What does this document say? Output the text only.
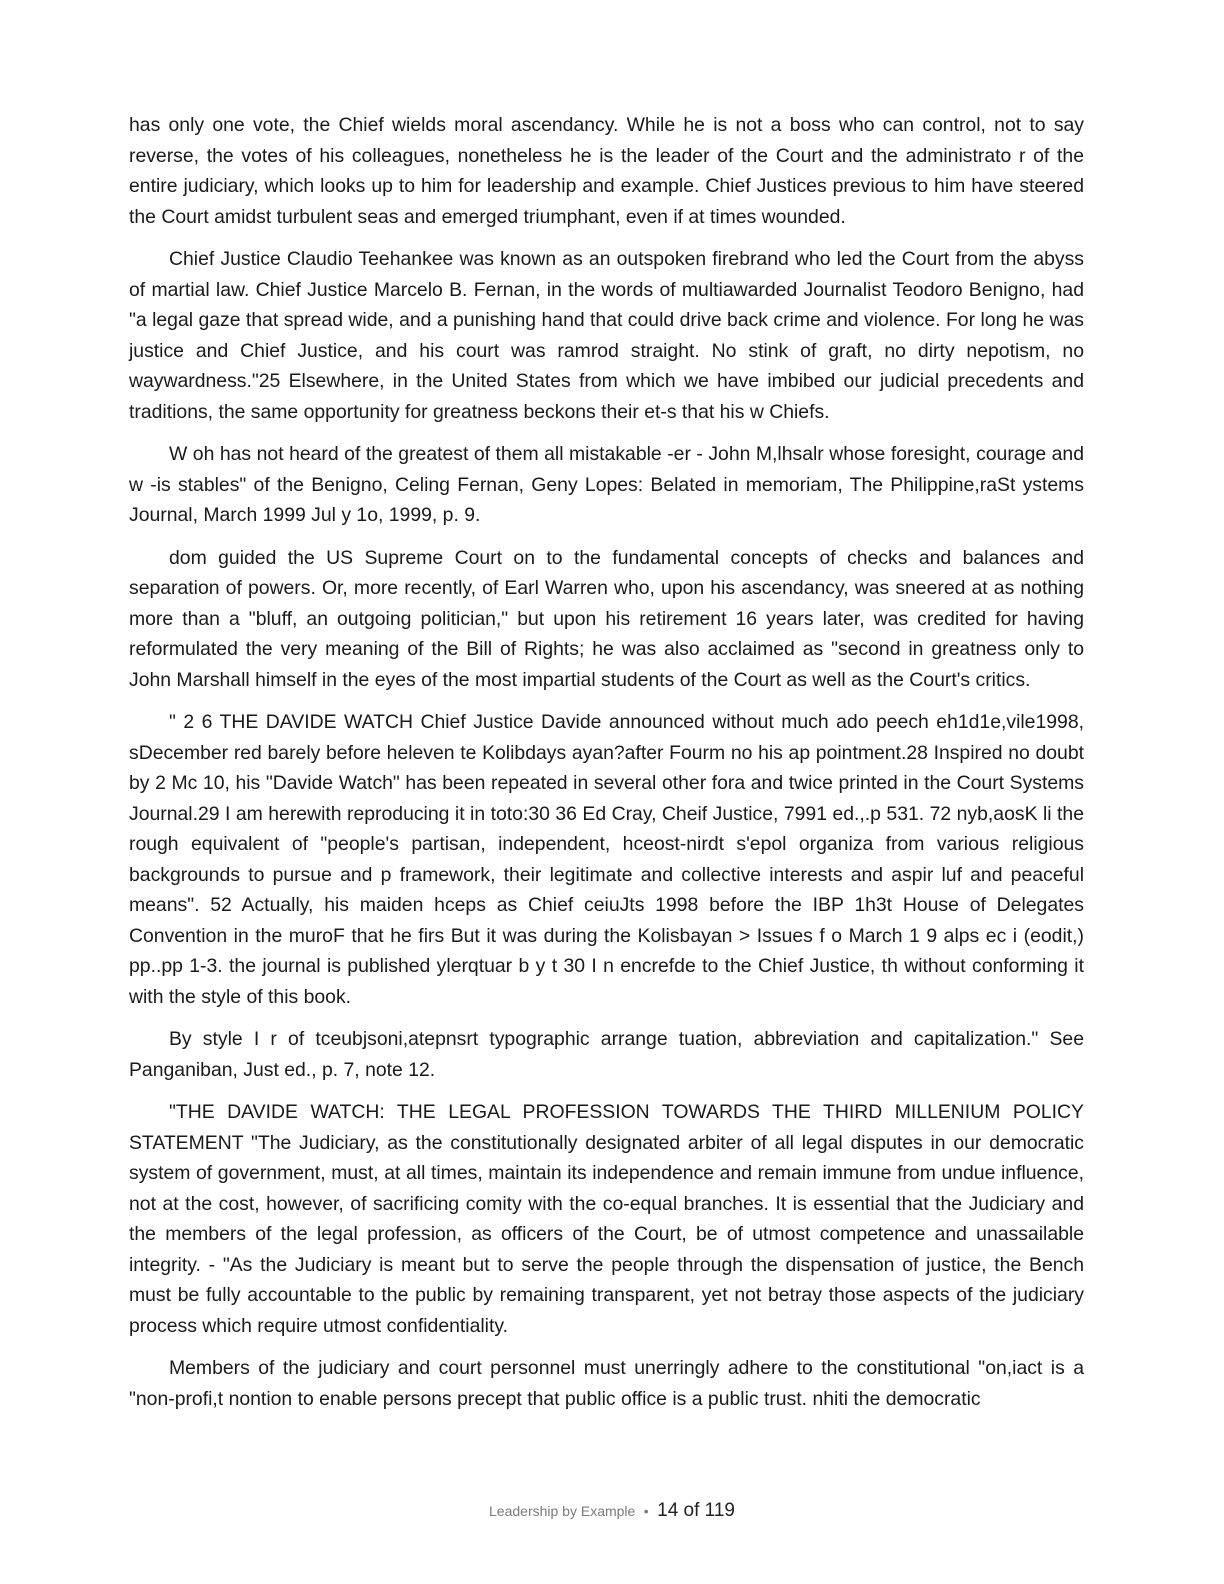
has only one vote, the Chief wields moral ascendancy. While he is not a boss who can control, not to say reverse, the votes of his colleagues, nonetheless he is the leader of the Court and the administrato r of the entire judiciary, which looks up to him for leadership and example. Chief Justices previous to him have steered the Court amidst turbulent seas and emerged triumphant, even if at times wounded.

Chief Justice Claudio Teehankee was known as an outspoken firebrand who led the Court from the abyss of martial law. Chief Justice Marcelo B. Fernan, in the words of multiawarded Journalist Teodoro Benigno, had "a legal gaze that spread wide, and a punishing hand that could drive back crime and violence. For long he was justice and Chief Justice, and his court was ramrod straight. No stink of graft, no dirty nepotism, no waywardness."25 Elsewhere, in the United States from which we have imbibed our judicial precedents and traditions, the same opportunity for greatness beckons their et-s that his w Chiefs.

W oh has not heard of the greatest of them all mistakable -er - John M,lhsalr whose foresight, courage and w -is stables" of the Benigno, Celing Fernan, Geny Lopes: Belated in memoriam, The Philippine,raSt ystems Journal, March 1999 Jul y 1o, 1999, p. 9.

dom guided the US Supreme Court on to the fundamental concepts of checks and balances and separation of powers. Or, more recently, of Earl Warren who, upon his ascendancy, was sneered at as nothing more than a "bluff, an outgoing politician," but upon his retirement 16 years later, was credited for having reformulated the very meaning of the Bill of Rights; he was also acclaimed as "second in greatness only to John Marshall himself in the eyes of the most impartial students of the Court as well as the Court's critics.

" 2 6 THE DAVIDE WATCH Chief Justice Davide announced without much ado peech eh1d1e,vile1998, sDecember red barely before heleven te Kolibdays ayan?after Fourm no his ap pointment.28 Inspired no doubt by 2 Mc 10, his "Davide Watch" has been repeated in several other fora and twice printed in the Court Systems Journal.29 I am herewith reproducing it in toto:30 36 Ed Cray, Cheif Justice, 7991 ed.,.p 531. 72 nyb,aosK li the rough equivalent of "people's partisan, independent, hceost-nirdt s'epol organiza from various religious backgrounds to pursue and p framework, their legitimate and collective interests and aspir luf and peaceful means". 52 Actually, his maiden hceps as Chief ceiuJts 1998 before the IBP 1h3t House of Delegates Convention in the muroF that he firs But it was during the Kolisbayan > Issues f o March 1 9 alps ec i (eodit,) pp..pp 1-3. the journal is published ylerqtuar b y t 30 I n encrefde to the Chief Justice, th without conforming it with the style of this book.

By style I r of tceubjsoni,atepnsrt typographic arrange tuation, abbreviation and capitalization." See Panganiban, Just ed., p. 7, note 12.

"THE DAVIDE WATCH: THE LEGAL PROFESSION TOWARDS THE THIRD MILLENIUM POLICY STATEMENT "The Judiciary, as the constitutionally designated arbiter of all legal disputes in our democratic system of government, must, at all times, maintain its independence and remain immune from undue influence, not at the cost, however, of sacrificing comity with the co-equal branches. It is essential that the Judiciary and the members of the legal profession, as officers of the Court, be of utmost competence and unassailable integrity. - "As the Judiciary is meant but to serve the people through the dispensation of justice, the Bench must be fully accountable to the public by remaining transparent, yet not betray those aspects of the judiciary process which require utmost confidentiality.

Members of the judiciary and court personnel must unerringly adhere to the constitutional "on,iact is a "non-profi,t nontion to enable persons precept that public office is a public trust. nhiti the democratic

Leadership by Example • 14 of 119
